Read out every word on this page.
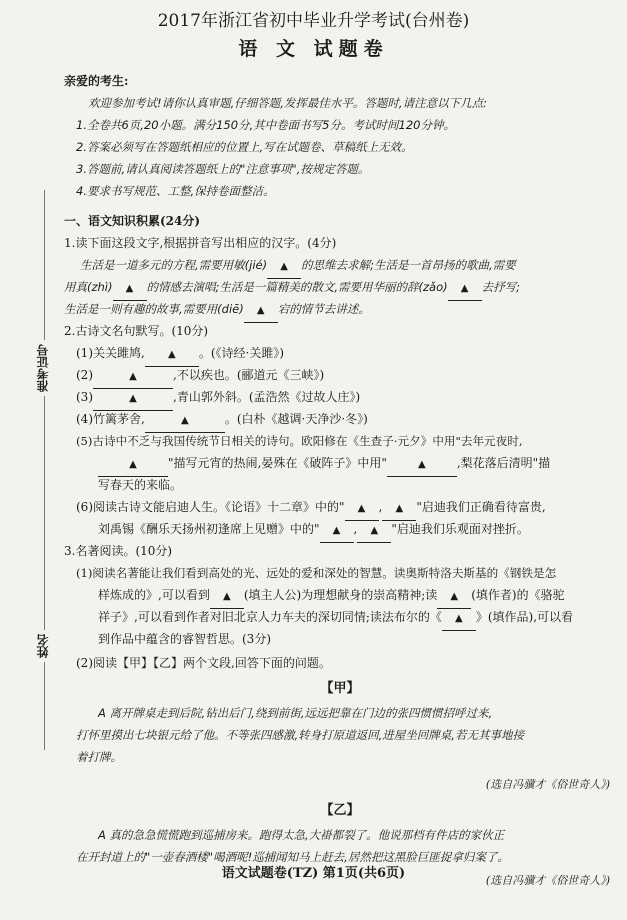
2017年浙江省初中毕业升学考试(台州卷)
语 文 试题卷
准考证号
姓名
亲爱的考生:
欢迎参加考试!请你认真审题,仔细答题,发挥最佳水平。答题时,请注意以下几点:
1.全卷共6页,20小题。满分150分,其中卷面书写5分。考试时间120分钟。
2.答案必须写在答题纸相应的位置上,写在试题卷、草稿纸上无效。
3.答题前,请认真阅读答题纸上的"注意事项",按规定答题。
4.要求书写规范、工整,保持卷面整洁。
一、语文知识积累(24分)
1.读下面这段文字,根据拼音写出相应的汉字。(4分)
生活是一道多元的方程,需要用敏(jié) ▲ 的思维去求解;生活是一首昂扬的歌曲,需要
用真(zhì) ▲ 的情感去演唱;生活是一篇精美的散文,需要用华丽的辞(zǎo) ▲ 去抒写;
生活是一则有趣的故事,需要用(diē) ▲ 宕的情节去讲述。
2.古诗文名句默写。(10分)
(1)关关雎鸠, ▲ 。(《诗经·关雎》)
(2)	▲	,不以疾也。(郦道元《三峡》)
(3)	▲	,青山郭外斜。(孟浩然《过故人庄》)
(4)竹篱茅舍,	▲	。(白朴《越调·天净沙·冬》)
(5)古诗中不乏与我国传统节日相关的诗句。欧阳修在《生查子·元夕》中用"去年元夜时,
▲	"描写元宵的热闹,晏殊在《破阵子》中用"	▲	,梨花落后清明"描
写春天的来临。
(6)阅读古诗文能启迪人生。《论语》十二章》中的" ▲ , ▲ "启迪我们正确看待富贵,
刘禹锡《酬乐天扬州初逢席上见赠》中的" ▲ , ▲ "启迪我们乐观面对挫折。
3.名著阅读。(10分)
(1)阅读名著能让我们看到高处的光、远处的爱和深处的智慧。读奥斯特洛夫斯基的《钢铁是怎
样炼成的》,可以看到 ▲ (填主人公)为理想献身的崇高精神;读 ▲ (填作者)的《骆驼
祥子》,可以看到作者对旧北京人力车夫的深切同情;读法布尔的《 ▲ 》(填作品),可以看
到作品中蕴含的睿智哲思。(3分)
(2)阅读【甲】【乙】两个文段,回答下面的问题。
【甲】
A 离开牌桌走到后院,钻出后门,绕到前街,远远把靠在门边的张四惯惯招呼过来,
打怀里摸出七块银元给了他。不等张四感激,转身打原道返回,进屋坐回牌桌,若无其事地接
着打牌。
(选自冯骥才《俗世奇人》)
【乙】
A 真的急急慌慌跑到巡捕房来。跑得太急,大褂都裂了。他说那档有件店的家伙正
在开封道上的"一壶春酒楼"喝酒呢!巡捕闻知马上赶去,居然把这黑脸巨匪捉拿归案了。
(选自冯骥才《俗世奇人》)
语文试题卷(TZ) 第1页(共6页)
